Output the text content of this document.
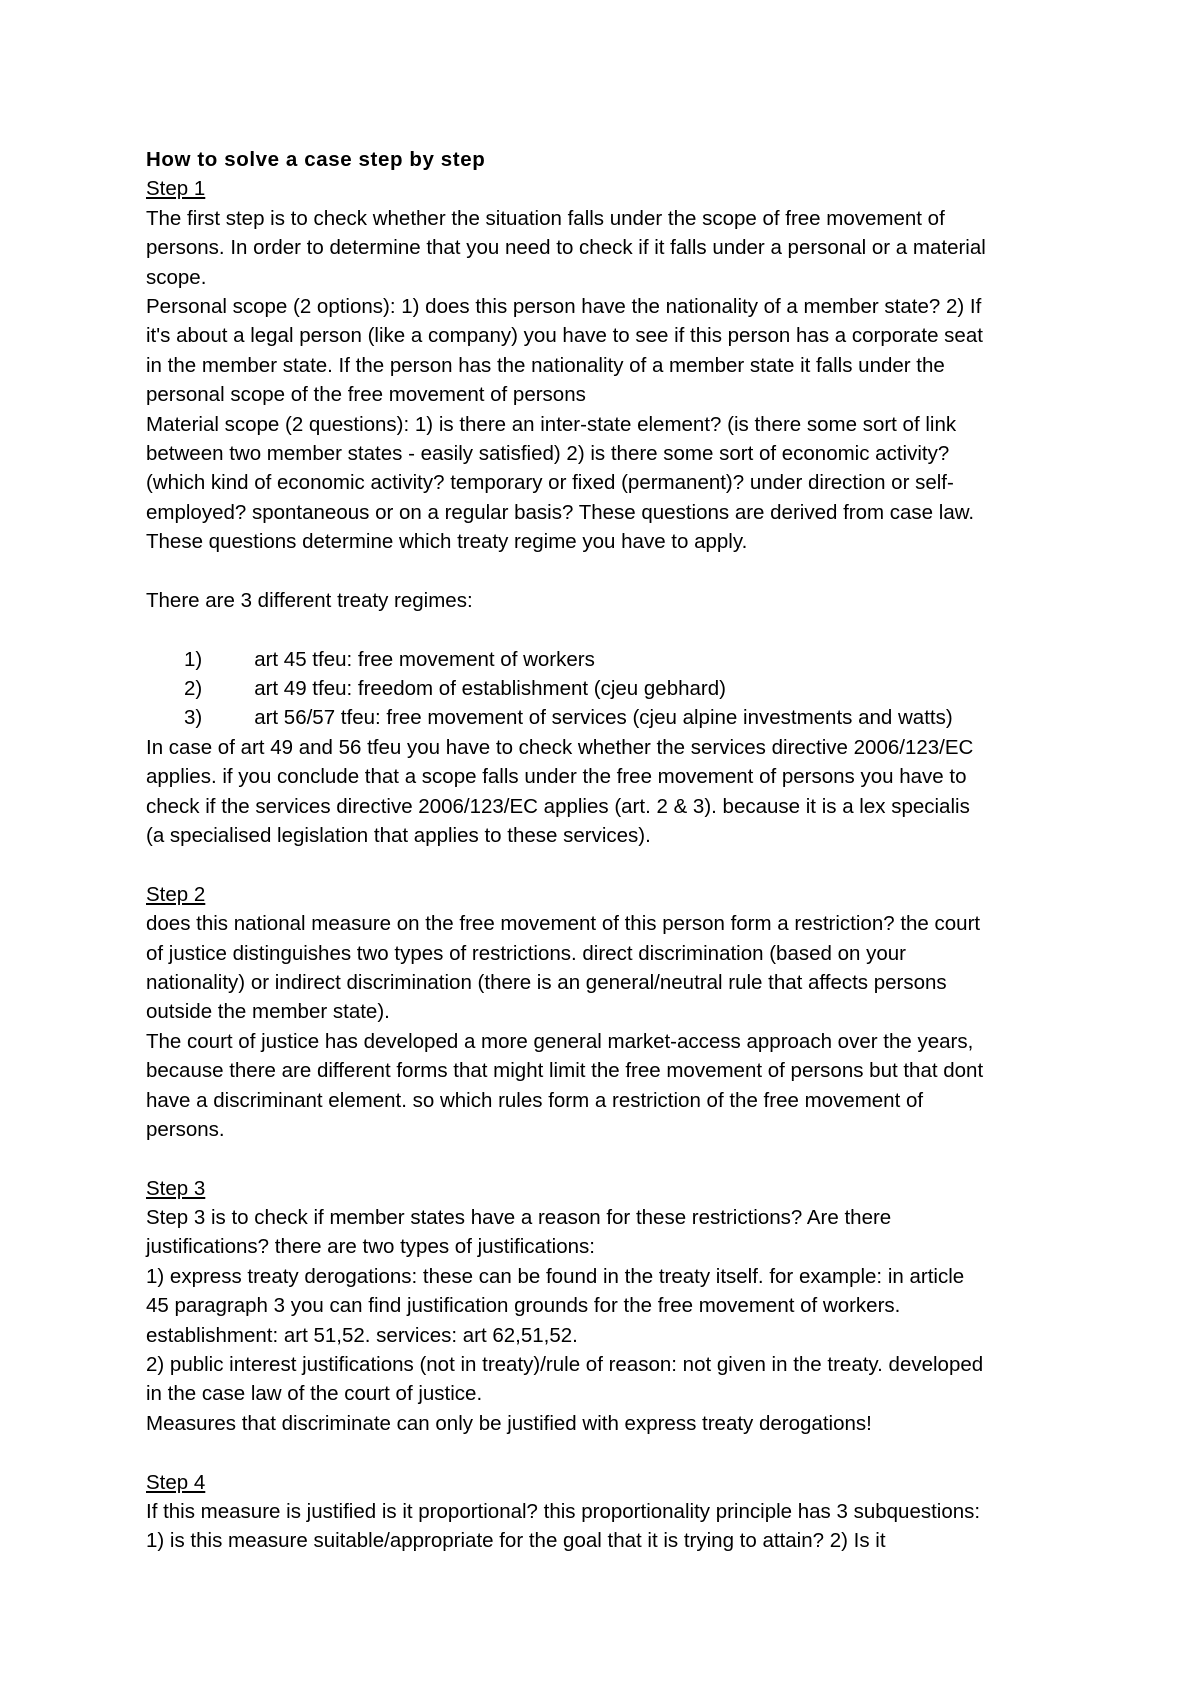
How to solve a case step by step
Step 1
The first step is to check whether the situation falls under the scope of free movement of
persons. In order to determine that you need to check if it falls under a personal or a material
scope.
Personal scope (2 options): 1) does this person have the nationality of a member state? 2) If
it's about a legal person (like a company) you have to see if this person has a corporate seat
in the member state. If the person has the nationality of a member state it falls under the
personal scope of the free movement of persons
Material scope (2 questions): 1) is there an inter-state element? (is there some sort of link
between two member states - easily satisfied) 2) is there some sort of economic activity?
(which kind of economic activity? temporary or fixed (permanent)? under direction or self-
employed? spontaneous or on a regular basis? These questions are derived from case law.
These questions determine which treaty regime you have to apply.
There are 3 different treaty regimes:

1)	art 45 tfeu: free movement of workers

2)	art 49 tfeu: freedom of establishment (cjeu gebhard)

3)	art 56/57 tfeu: free movement of services (cjeu alpine investments and watts)

In case of art 49 and 56 tfeu you have to check whether the services directive 2006/123/EC
applies. if you conclude that a scope falls under the free movement of persons you have to
check if the services directive 2006/123/EC applies (art. 2 & 3). because it is a lex specialis
(a specialised legislation that applies to these services).
Step 2
does this national measure on the free movement of this person form a restriction? the court
of justice distinguishes two types of restrictions. direct discrimination (based on your
nationality) or indirect discrimination (there is an general/neutral rule that affects persons
outside the member state).
The court of justice has developed a more general market-access approach over the years,
because there are different forms that might limit the free movement of persons but that dont
have a discriminant element. so which rules form a restriction of the free movement of
persons.
Step 3
Step 3 is to check if member states have a reason for these restrictions? Are there
justifications? there are two types of justifications:
1) express treaty derogations: these can be found in the treaty itself. for example: in article
45 paragraph 3 you can find justification grounds for the free movement of workers.
establishment: art 51,52. services: art 62,51,52.
2) public interest justifications (not in treaty)/rule of reason: not given in the treaty. developed
in the case law of the court of justice.
Measures that discriminate can only be justified with express treaty derogations!
Step 4
If this measure is justified is it proportional? this proportionality principle has 3 subquestions:
1) is this measure suitable/appropriate for the goal that it is trying to attain? 2) Is it
